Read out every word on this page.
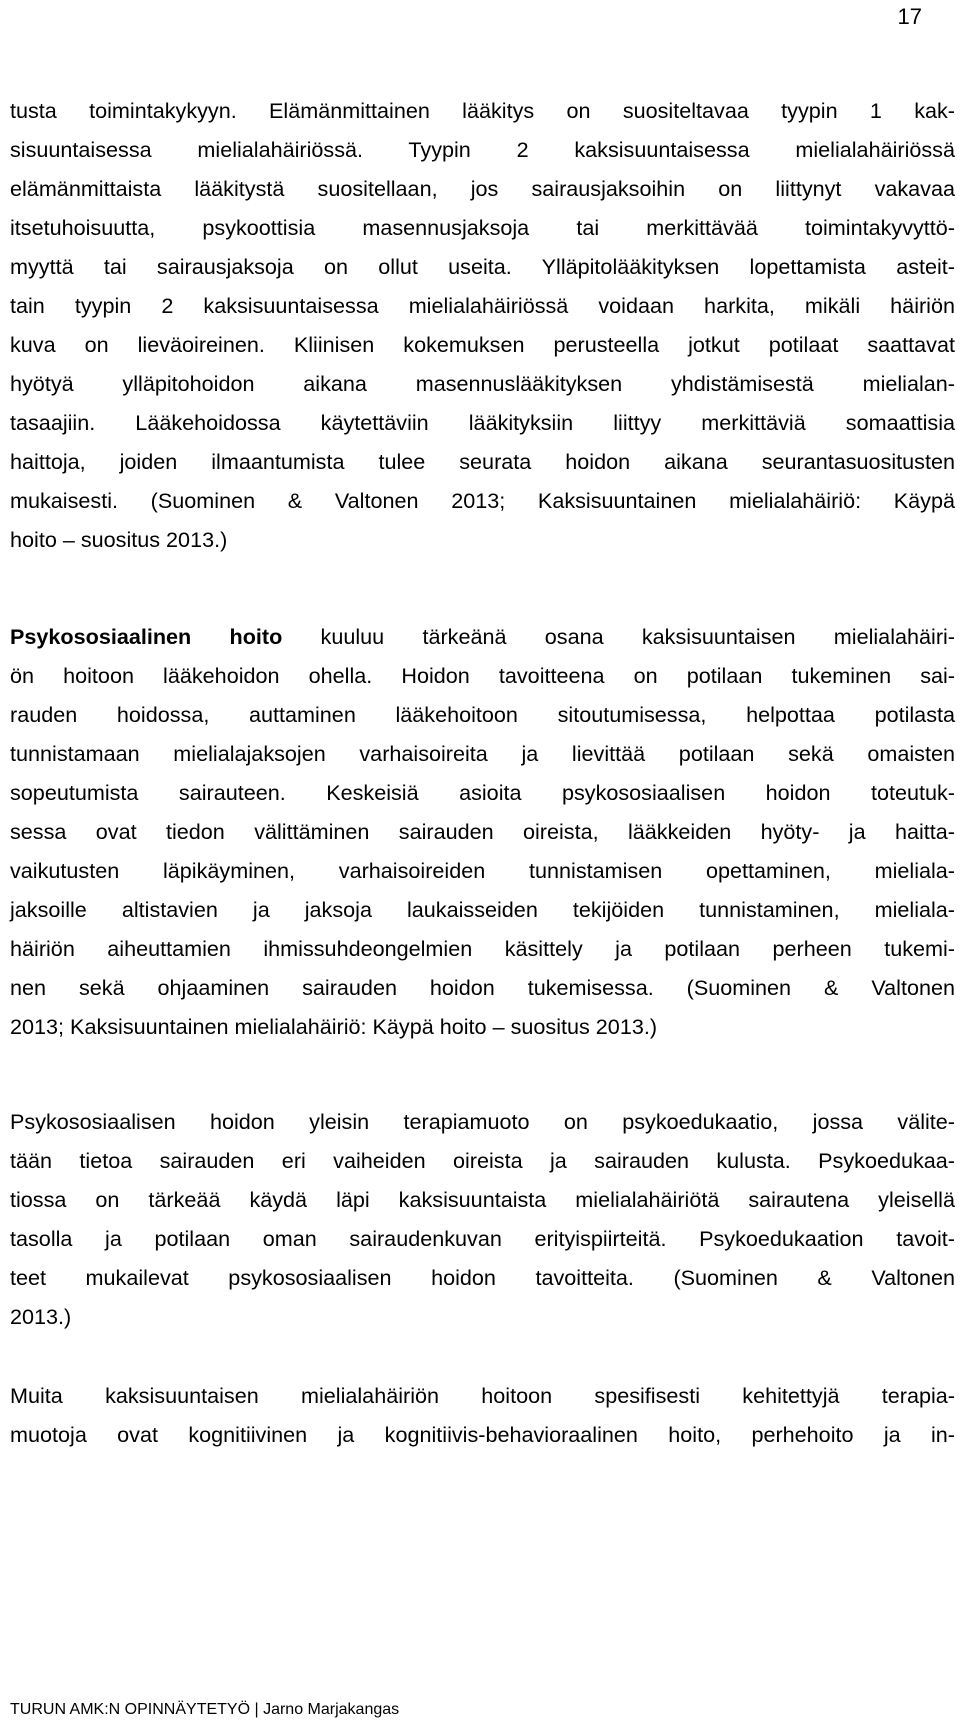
17
tusta toimintakykyyn. Elämänmittainen lääkitys on suositeltavaa tyypin 1 kak-
sisuuntaisessa mielialahäiriössä. Tyypin 2 kaksisuuntaisessa mielialahäiriössä
elämänmittaista lääkitystä suositellaan, jos sairausjaksoihin on liittynyt vakavaa
itsetuhoisuutta, psykoottisia masennusjaksoja tai merkittävää toimintakyvyttö-
myyttä tai sairausjaksoja on ollut useita. Ylläpitolääkityksen lopettamista asteit-
tain tyypin 2 kaksisuuntaisessa mielialahäiriössä voidaan harkita, mikäli häiriön
kuva on lieväoireinen. Kliinisen kokemuksen perusteella jotkut potilaat saattavat
hyötyä ylläpitohoidon aikana masennuslääkityksen yhdistämisestä mielialan-
tasaajiin. Lääkehoidossa käytettäviin lääkityksiin liittyy merkittäviä somaattisia
haittoja, joiden ilmaantumista tulee seurata hoidon aikana seurantasuositusten
mukaisesti. (Suominen & Valtonen 2013; Kaksisuuntainen mielialahäiriö: Käypä
hoito – suositus 2013.)
Psykososiaalinen hoito kuuluu tärkeänä osana kaksisuuntaisen mielialahäiri-
ön hoitoon lääkehoidon ohella. Hoidon tavoitteena on potilaan tukeminen sai-
rauden hoidossa, auttaminen lääkehoitoon sitoutumisessa, helpottaa potilasta
tunnistamaan mielialajaksojen varhaisoireita ja lievittää potilaan sekä omaisten
sopeutumista sairauteen. Keskeisiä asioita psykososiaalisen hoidon toteutuk-
sessa ovat tiedon välittäminen sairauden oireista, lääkkeiden hyöty- ja haitta-
vaikutusten läpikäyminen, varhaisoireiden tunnistamisen opettaminen, mieliala-
jaksoille altistavien ja jaksoja laukaisseiden tekijöiden tunnistaminen, mieliala-
häiriön aiheuttamien ihmissuhdeongelmien käsittely ja potilaan perheen tukemi-
nen sekä ohjaaminen sairauden hoidon tukemisessa. (Suominen & Valtonen
2013; Kaksisuuntainen mielialahäiriö: Käypä hoito – suositus 2013.)
Psykososiaalisen hoidon yleisin terapiamuoto on psykoedukaatio, jossa välite-
tään tietoa sairauden eri vaiheiden oireista ja sairauden kulusta. Psykoedukaa-
tiossa on tärkeää käydä läpi kaksisuuntaista mielialahäiriötä sairautena yleisellä
tasolla ja potilaan oman sairaudenkuvan erityispiirteitä. Psykoedukaation tavoit-
teet mukailevat psykososiaalisen hoidon tavoitteita. (Suominen & Valtonen
2013.)
Muita kaksisuuntaisen mielialahäiriön hoitoon spesifisesti kehitettyjä terapia-
muotoja ovat kognitiivinen ja kognitiivis-behavioraalinen hoito, perhehoito ja in-
TURUN AMK:N OPINNÄYTETYÖ | Jarno Marjakangas
